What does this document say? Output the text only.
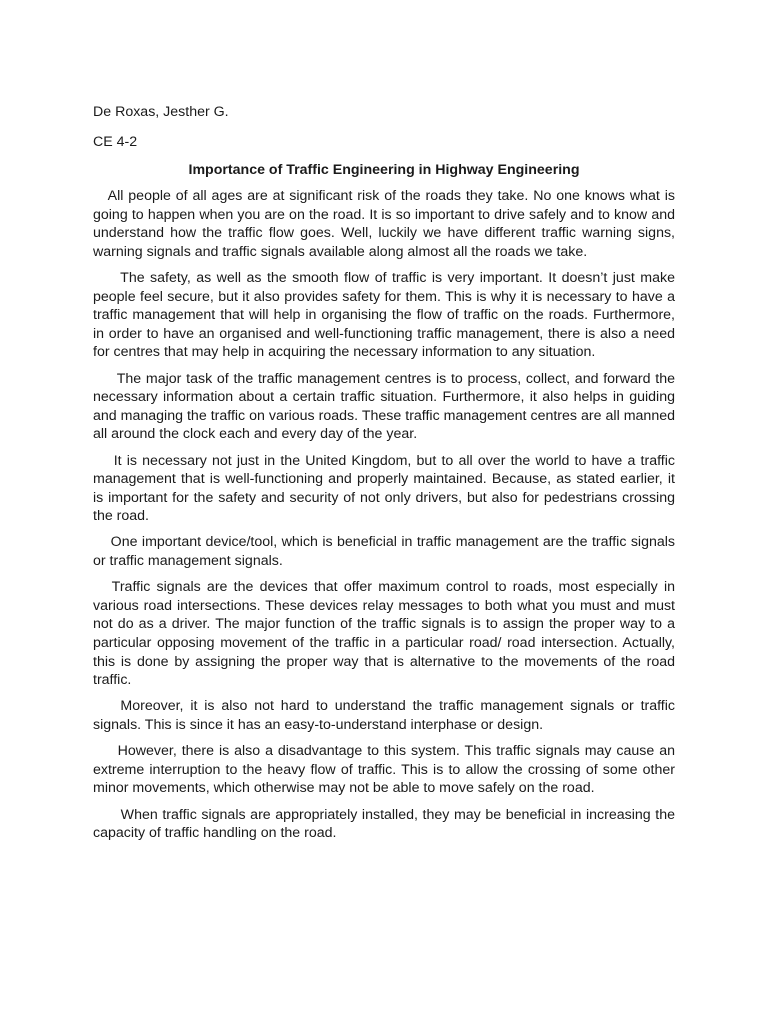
De Roxas, Jesther G.
CE 4-2
Importance of Traffic Engineering in Highway Engineering

All people of all ages are at significant risk of the roads they take. No one knows what is going to happen when you are on the road. It is so important to drive safely and to know and understand how the traffic flow goes. Well, luckily we have different traffic warning signs, warning signals and traffic signals available along almost all the roads we take.

The safety, as well as the smooth flow of traffic is very important. It doesn’t just make people feel secure, but it also provides safety for them. This is why it is necessary to have a traffic management that will help in organising the flow of traffic on the roads. Furthermore, in order to have an organised and well-functioning traffic management, there is also a need for centres that may help in acquiring the necessary information to any situation.

The major task of the traffic management centres is to process, collect, and forward the necessary information about a certain traffic situation. Furthermore, it also helps in guiding and managing the traffic on various roads. These traffic management centres are all manned all around the clock each and every day of the year.

It is necessary not just in the United Kingdom, but to all over the world to have a traffic management that is well-functioning and properly maintained. Because, as stated earlier, it is important for the safety and security of not only drivers, but also for pedestrians crossing the road.

One important device/tool, which is beneficial in traffic management are the traffic signals or traffic management signals.

Traffic signals are the devices that offer maximum control to roads, most especially in various road intersections. These devices relay messages to both what you must and must not do as a driver. The major function of the traffic signals is to assign the proper way to a particular opposing movement of the traffic in a particular road/ road intersection. Actually, this is done by assigning the proper way that is alternative to the movements of the road traffic.

Moreover, it is also not hard to understand the traffic management signals or traffic signals. This is since it has an easy-to-understand interphase or design.

However, there is also a disadvantage to this system. This traffic signals may cause an extreme interruption to the heavy flow of traffic. This is to allow the crossing of some other minor movements, which otherwise may not be able to move safely on the road.

When traffic signals are appropriately installed, they may be beneficial in increasing the capacity of traffic handling on the road.
